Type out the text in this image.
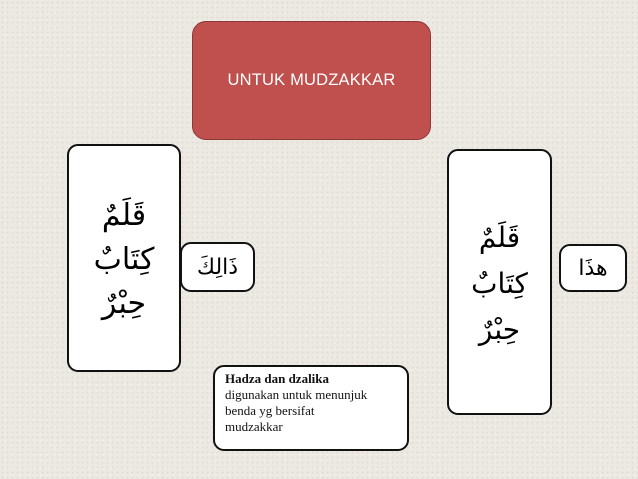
UNTUK MUDZAKKAR
قَلَمٌ
كِتَابٌ
حِبْرٌ
ذَالِكَ
قَلَمٌ
كِتَابٌ
حِبْرٌ
هذَا
Hadza dan dzalika
digunakan untuk menunjuk
benda yg bersifat
mudzakkar
